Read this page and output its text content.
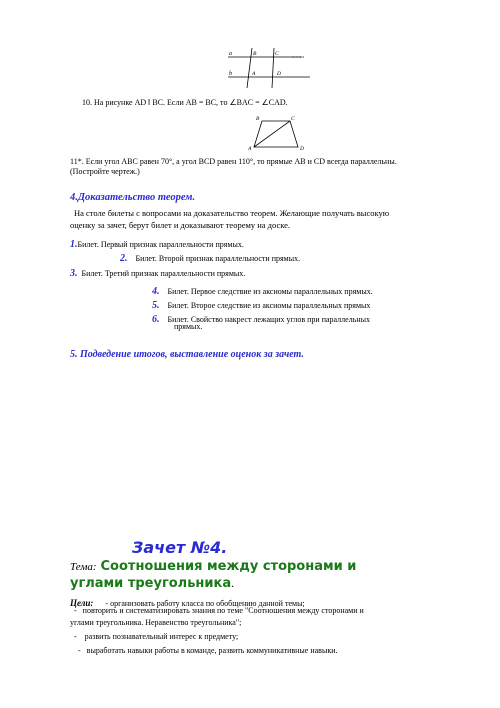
a
b
B	C
A	D
10. На рисунке AD ‖ BC. Если AB = BC, то ∠BAC = ∠CAD.
B	C
A	D
11*. Если угол ABC равен 70°, а угол BCD равен 110°, то прямые AB и CD всегда параллельны.
(Постройте чертеж.)
4.Доказательство теорем.
На столе билеты с вопросами на доказательство теорем. Желающие получать высокую
оценку за зачет, берут билет и доказывают теорему на доске.
1.Билет. Первый признак параллельности прямых.
2. Билет. Второй признак параллельности прямых.
3. Билет. Третий признак параллельности прямых.
4. Билет. Первое следствие из аксиомы параллельных прямых.
5. Билет. Второе следствие из аксиомы параллельных прямых
6. Билет. Свойство накрест лежащих углов при параллельных
прямых.
5. Подведение итогов, выставление оценок за зачет.
Зачет №4.
Тема: Соотношения между сторонами и
углами треугольника.
Цели: - организовать работу класса по обобщению данной темы;
- повторить и систематизировать знания по теме "Соотношения между сторонами и
углами треугольника. Неравенство треугольника";
- развить познавательный интерес к предмету;
- выработать навыки работы в команде, развить коммуникативные навыки.
